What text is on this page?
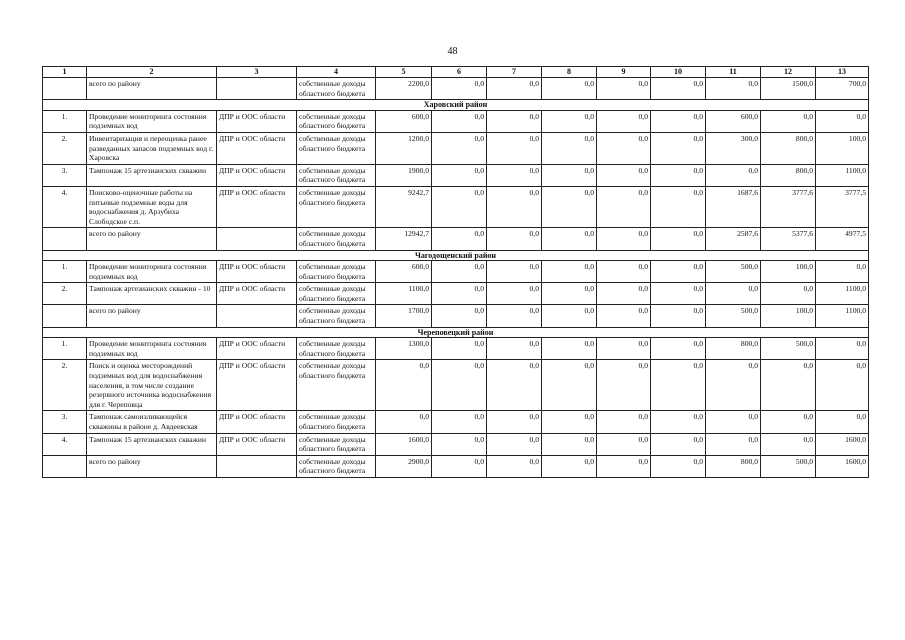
48
1	2	3	4	5	6	7	8	9	10	11	12	13
	всего по району		собственные доходы областного бюджета	2200,0	0,0	0,0	0,0	0,0	0,0	0,0	1500,0	700,0
Харовский район												
1.	Проведение мониторинга состояния подземных вод	ДПР и ООС области	собственные доходы областного бюджета	600,0	0,0	0,0	0,0	0,0	0,0	600,0	0,0	0,0
2.	Инвентаризация и переоценка ранее разведанных запасов подземных вод г. Харовска	ДПР и ООС области	собственные доходы областного бюджета	1200,0	0,0	0,0	0,0	0,0	0,0	300,0	800,0	100,0
3.	Тампонаж 15 артезианских скважин	ДПР и ООС области	собственные доходы областного бюджета	1900,0	0,0	0,0	0,0	0,0	0,0	0,0	800,0	1100,0
4.	Поисково-оценочные работы на питьевые подземные воды для водоснабжения д. Арзубиха Слободское с.п.	ДПР и ООС области	собственные доходы областного бюджета	9242,7	0,0	0,0	0,0	0,0	0,0	1687,6	3777,6	3777,5
	всего по району		собственные доходы областного бюджета	12942,7	0,0	0,0	0,0	0,0	0,0	2587,6	5377,6	4977,5
Чагодощенский район												
1.	Проведение мониторинга состояния подземных вод	ДПР и ООС области	собственные доходы областного бюджета	600,0	0,0	0,0	0,0	0,0	0,0	500,0	100,0	0,0
2.	Тампонаж артезианских скважин - 10	ДПР и ООС области	собственные доходы областного бюджета	1100,0	0,0	0,0	0,0	0,0	0,0	0,0	0,0	1100,0
	всего по району		собственные доходы областного бюджета	1700,0	0,0	0,0	0,0	0,0	0,0	500,0	100,0	1100,0
Череповецкий район												
1.	Проведение мониторинга состояния подземных вод	ДПР и ООС области	собственные доходы областного бюджета	1300,0	0,0	0,0	0,0	0,0	0,0	800,0	500,0	0,0
2.	Поиск и оценка месторождений подземных вод для водоснабжения населения, в том числе создание резервного источника водоснабжения для г. Череповца	ДПР и ООС области	собственные доходы областного бюджета	0,0	0,0	0,0	0,0	0,0	0,0	0,0	0,0	0,0
3.	Тампонаж самоизливающейся скважины в районе д. Авдеевская	ДПР и ООС области	собственные доходы областного бюджета	0,0	0,0	0,0	0,0	0,0	0,0	0,0	0,0	0,0
4.	Тампонаж 15 артезианских скважин	ДПР и ООС области	собственные доходы областного бюджета	1600,0	0,0	0,0	0,0	0,0	0,0	0,0	0,0	1600,0
	всего по району		собственные доходы областного бюджета	2900,0	0,0	0,0	0,0	0,0	0,0	800,0	500,0	1600,0
